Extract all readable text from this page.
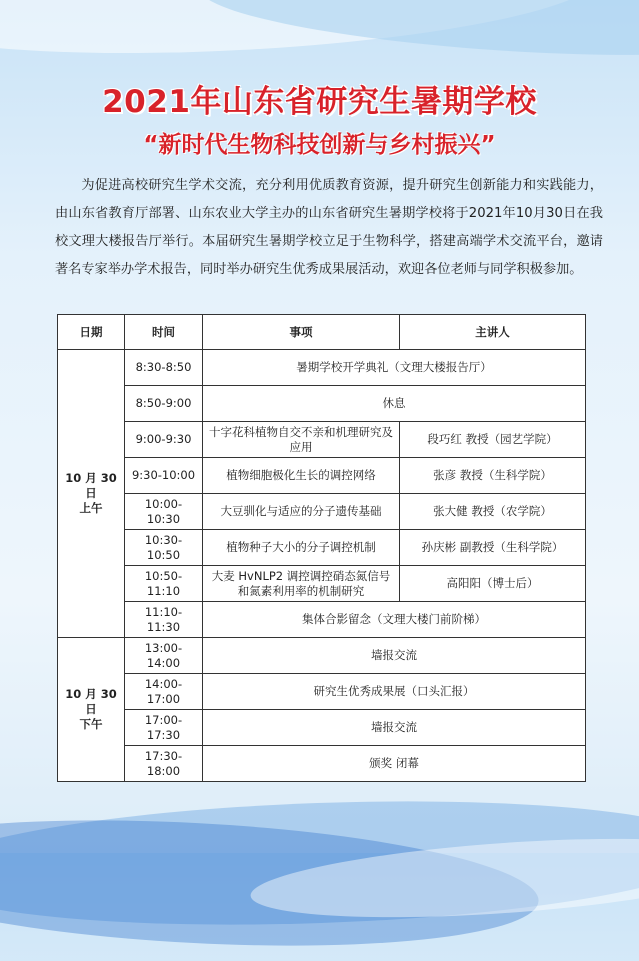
2021年山东省研究生暑期学校
“新时代生物科技创新与乡村振兴”
为促进高校研究生学术交流，充分利用优质教育资源，提升研究生创新能力和实践能力，由山东省教育厅部署、山东农业大学主办的山东省研究生暑期学校将于2021年10月30日在我校文理大楼报告厅举行。本届研究生暑期学校立足于生物科学，搭建高端学术交流平台，邀请著名专家举办学术报告，同时举办研究生优秀成果展活动，欢迎各位老师与同学积极参加。
日期	时间	事项	主讲人

10 月 30 日
上午	8:30-8:50	暑期学校开学典礼（文理大楼报告厅）	
	8:50-9:00	休息	
	9:00-9:30	十字花科植物自交不亲和机理研究及应用	段巧红 教授（园艺学院）
	9:30-10:00	植物细胞极化生长的调控网络	张彦 教授（生科学院）
	10:00-10:30	大豆驯化与适应的分子遗传基础	张大健 教授（农学院）
	10:30-10:50	植物种子大小的分子调控机制	孙庆彬 副教授（生科学院）
	10:50-11:10	大麦 HvNLP2 调控调控硝态氮信号和氮素利用率的机制研究	高阳阳（博士后）
	11:10-11:30	集体合影留念（文理大楼门前阶梯）	

10 月 30 日
下午	13:00-14:00	墙报交流	
	14:00-17:00	研究生优秀成果展（口头汇报）	
	17:00-17:30	墙报交流	
	17:30-18:00	颁奖 闭幕	
